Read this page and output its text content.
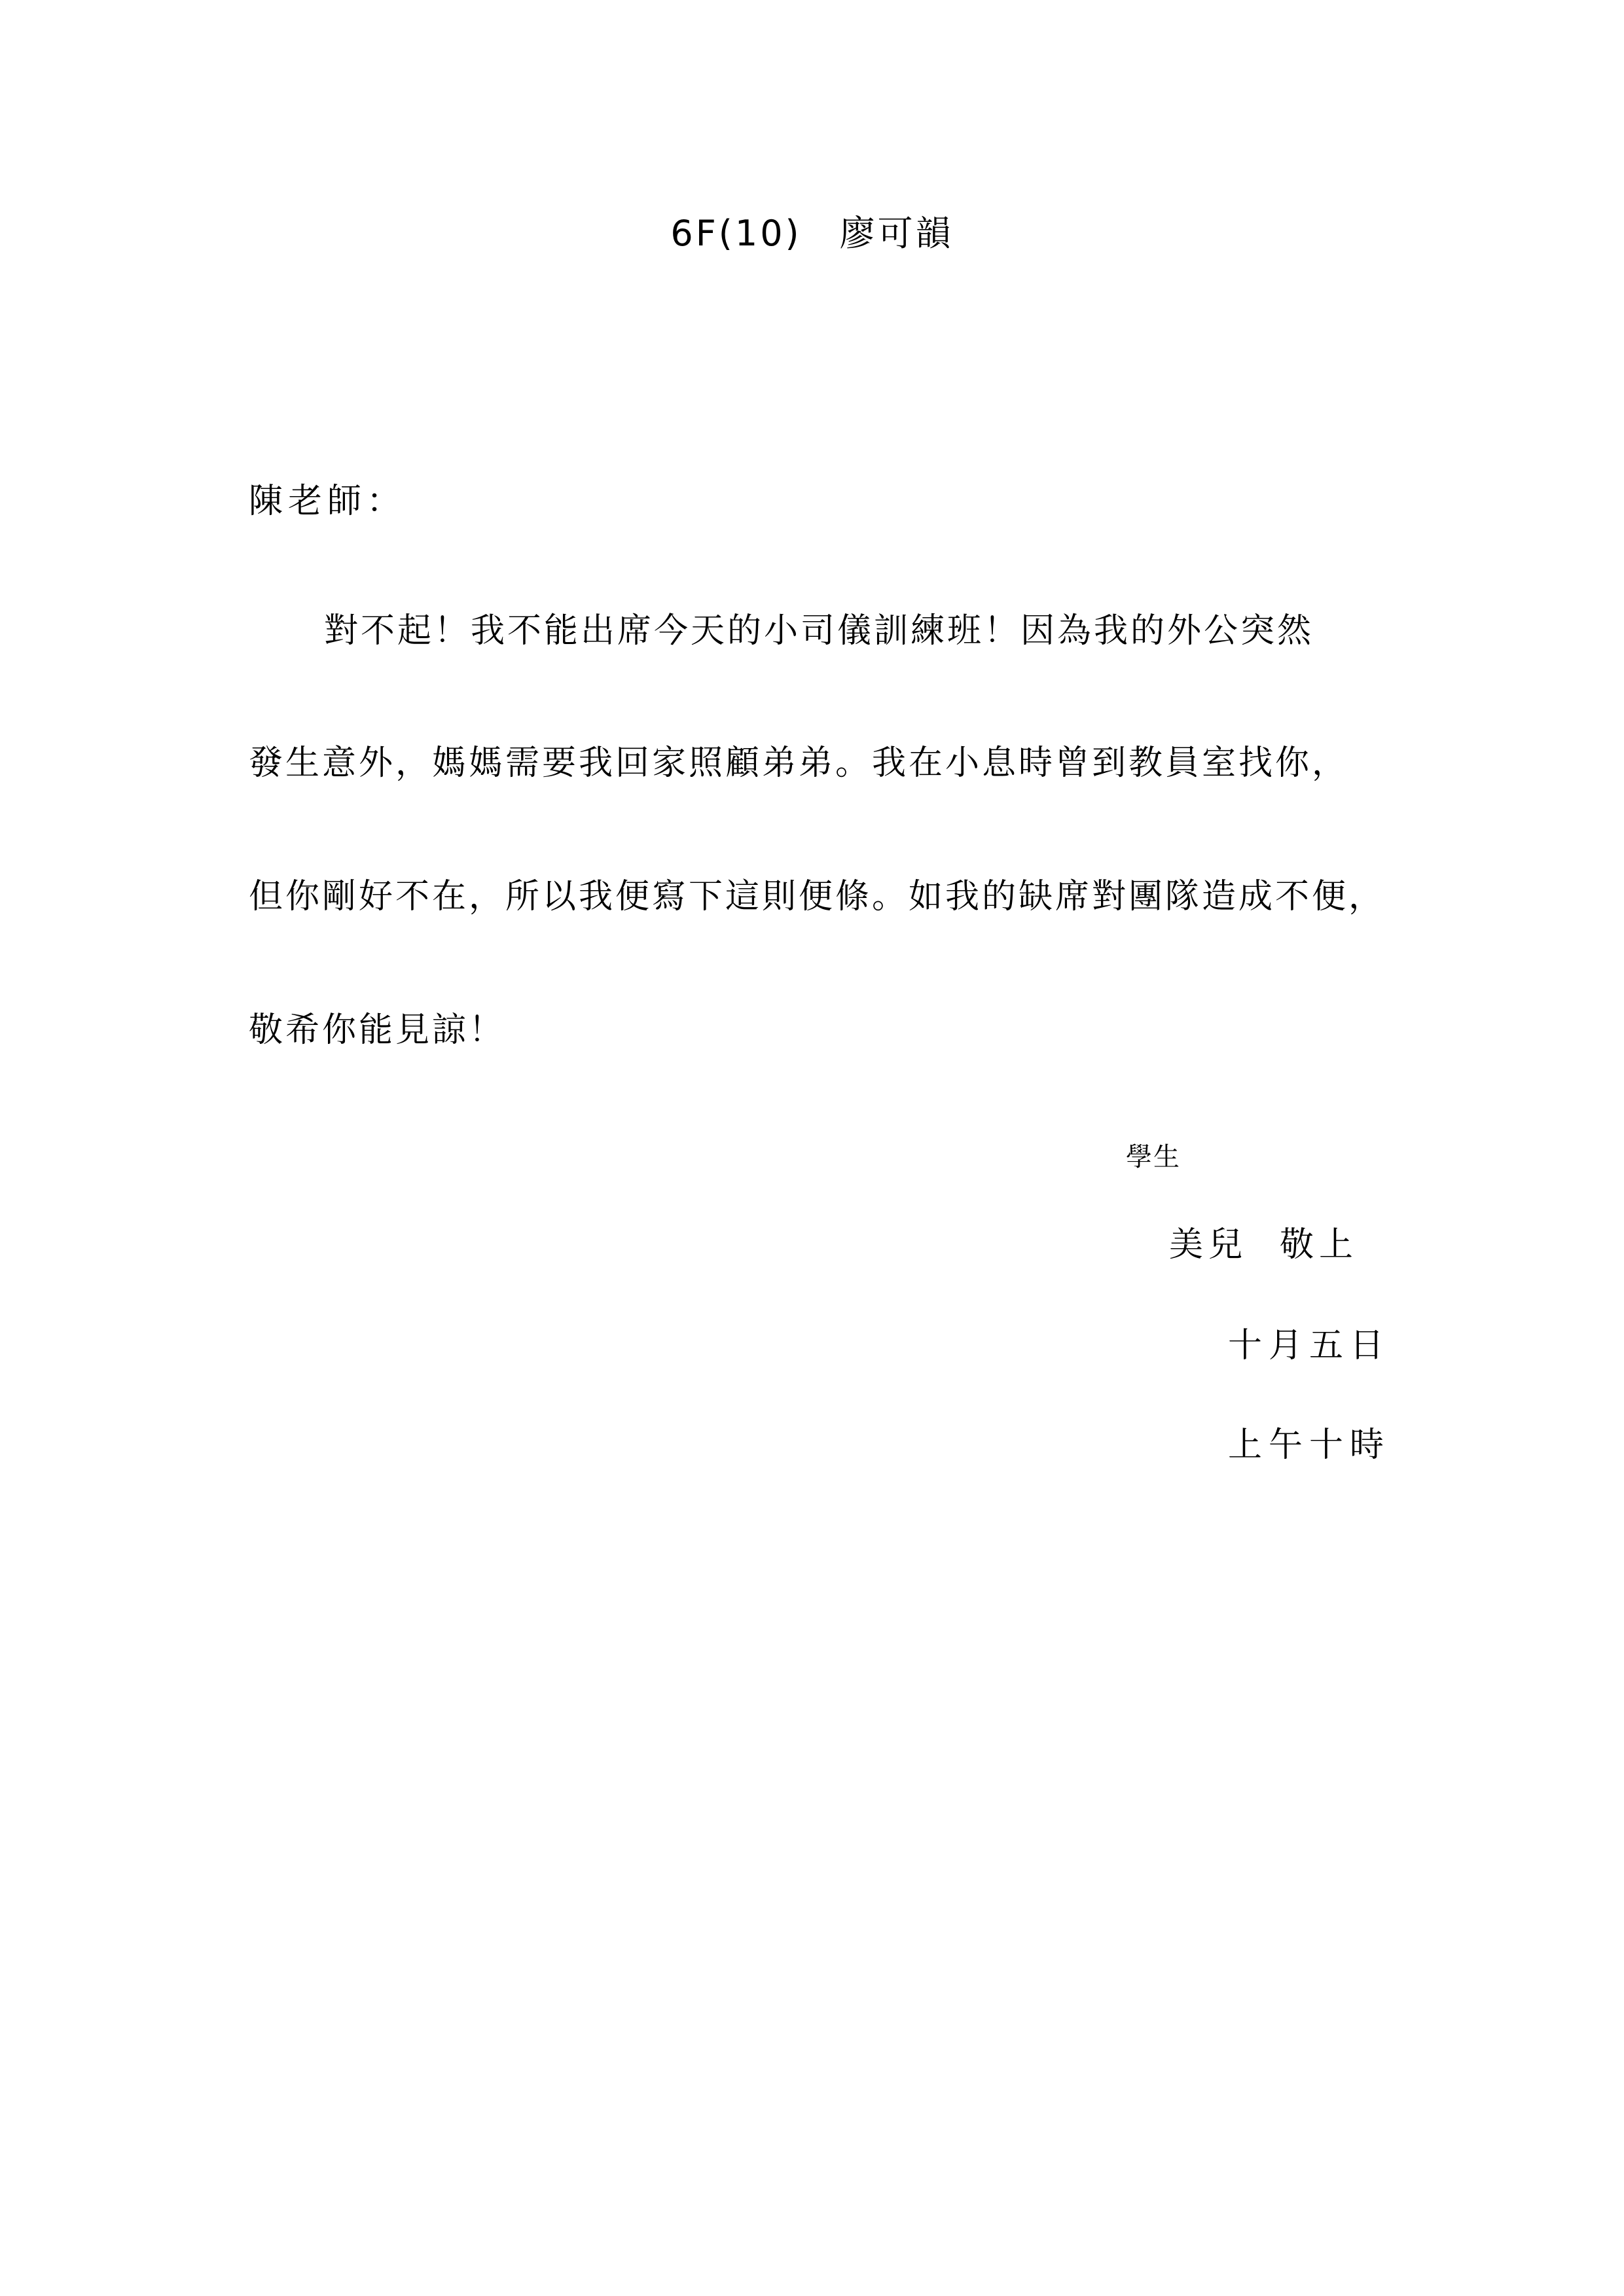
6F(10)　廖可韻
陳老師：
對不起！我不能出席今天的小司儀訓練班！因為我的外公突然
發生意外，媽媽需要我回家照顧弟弟。我在小息時曾到教員室找你，
但你剛好不在，所以我便寫下這則便條。如我的缺席對團隊造成不便，
敬希你能見諒！
學生
美兒  敬上
十月五日
上午十時
